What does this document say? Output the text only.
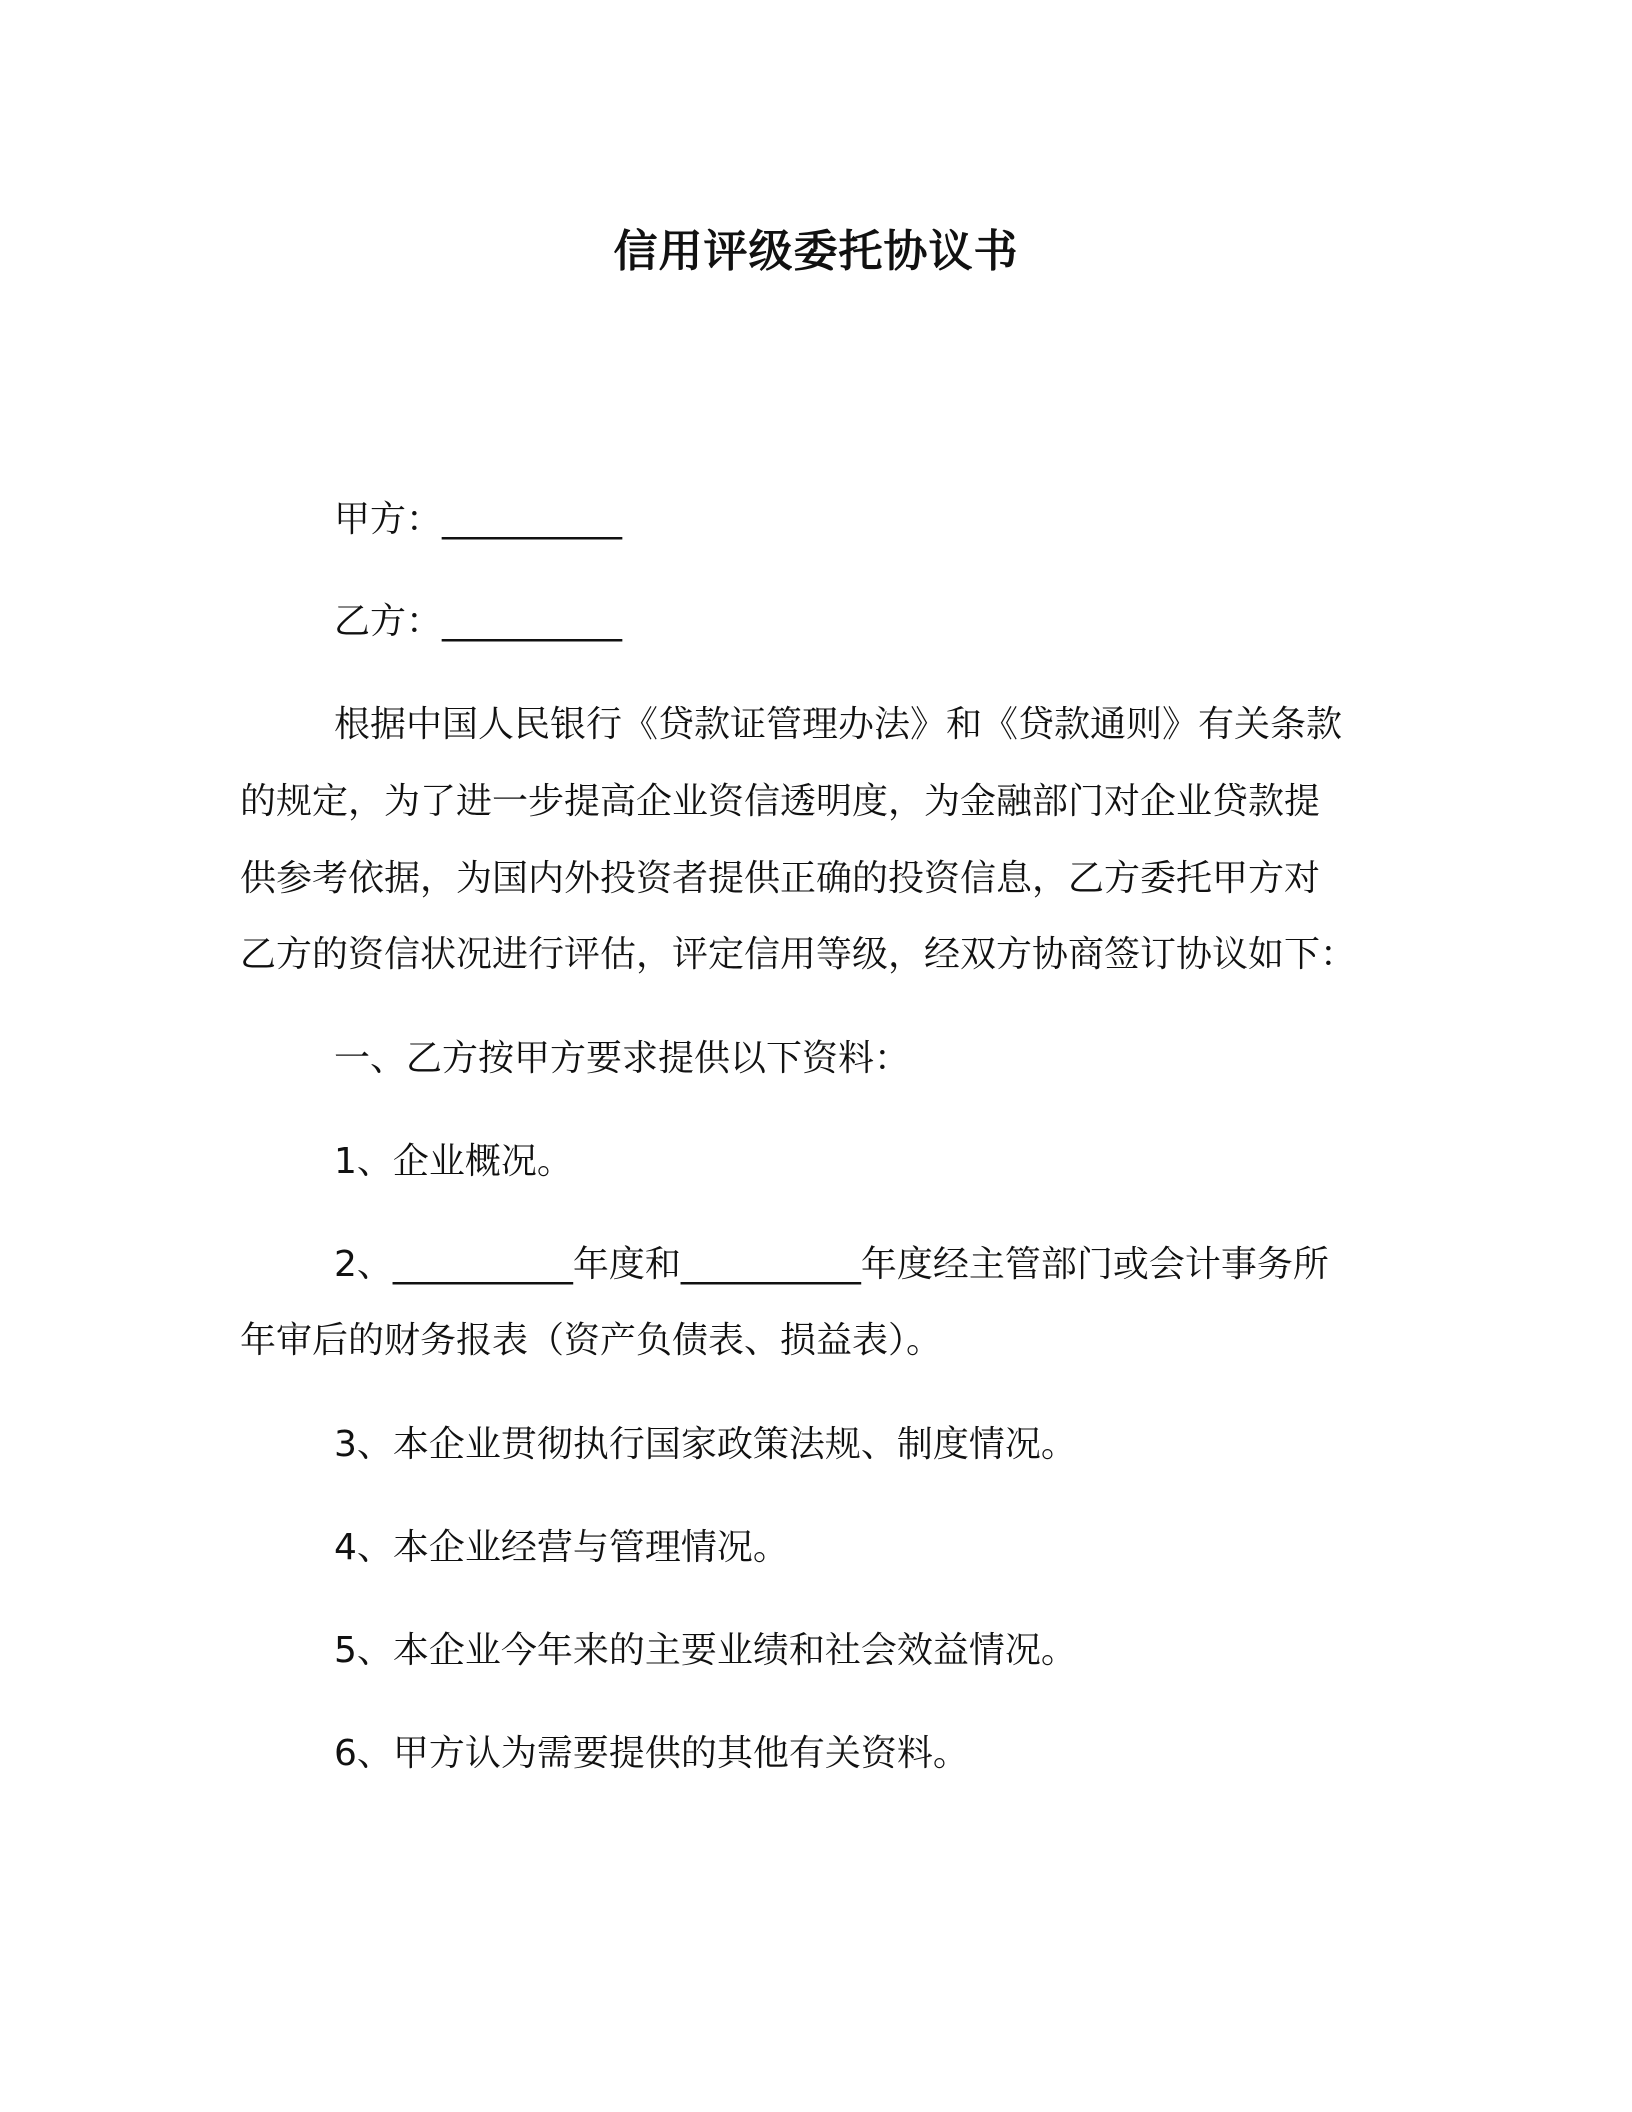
信用评级委托协议书

甲方：__________

乙方：__________

根据中国人民银行《贷款证管理办法》和《贷款通则》有关条款

的规定，为了进一步提高企业资信透明度，为金融部门对企业贷款提

供参考依据，为国内外投资者提供正确的投资信息，乙方委托甲方对

乙方的资信状况进行评估，评定信用等级，经双方协商签订协议如下：

一、乙方按甲方要求提供以下资料：

1、企业概况。

2、__________年度和__________年度经主管部门或会计事务所

年审后的财务报表（资产负债表、损益表）。

3、本企业贯彻执行国家政策法规、制度情况。

4、本企业经营与管理情况。

5、本企业今年来的主要业绩和社会效益情况。

6、甲方认为需要提供的其他有关资料。
